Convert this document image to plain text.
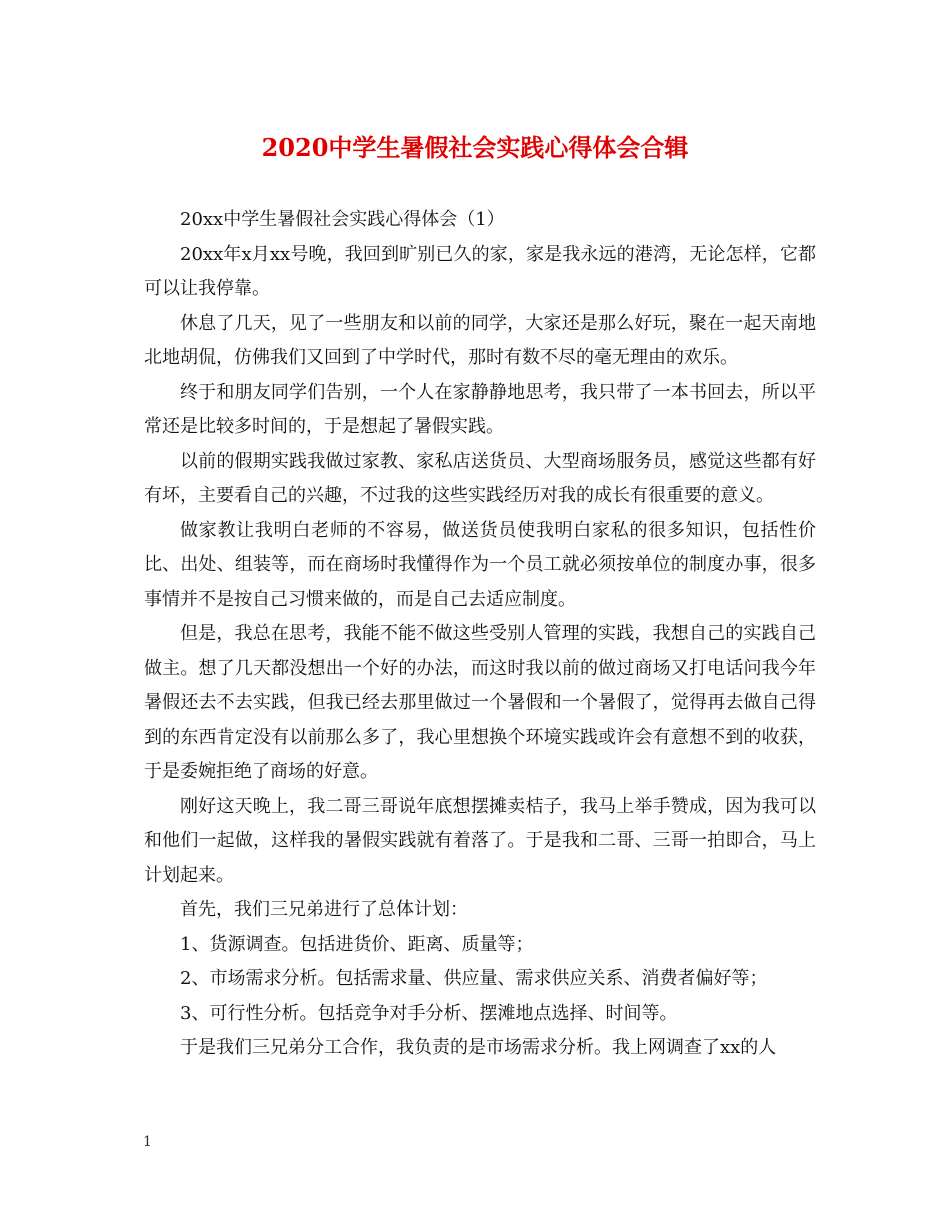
2020中学生暑假社会实践心得体会合辑

20xx中学生暑假社会实践心得体会（1）

20xx年x月xx号晚，我回到旷别已久的家，家是我永远的港湾，无论怎样，它都可以让我停靠。

休息了几天，见了一些朋友和以前的同学，大家还是那么好玩，聚在一起天南地北地胡侃，仿佛我们又回到了中学时代，那时有数不尽的毫无理由的欢乐。

终于和朋友同学们告别，一个人在家静静地思考，我只带了一本书回去，所以平常还是比较多时间的，于是想起了暑假实践。

以前的假期实践我做过家教、家私店送货员、大型商场服务员，感觉这些都有好有坏，主要看自己的兴趣，不过我的这些实践经历对我的成长有很重要的意义。

做家教让我明白老师的不容易，做送货员使我明白家私的很多知识，包括性价比、出处、组装等，而在商场时我懂得作为一个员工就必须按单位的制度办事，很多事情并不是按自己习惯来做的，而是自己去适应制度。

但是，我总在思考，我能不能不做这些受别人管理的实践，我想自己的实践自己做主。想了几天都没想出一个好的办法，而这时我以前的做过商场又打电话问我今年暑假还去不去实践，但我已经去那里做过一个暑假和一个暑假了，觉得再去做自己得到的东西肯定没有以前那么多了，我心里想换个环境实践或许会有意想不到的收获，于是委婉拒绝了商场的好意。

刚好这天晚上，我二哥三哥说年底想摆摊卖桔子，我马上举手赞成，因为我可以和他们一起做，这样我的暑假实践就有着落了。于是我和二哥、三哥一拍即合，马上计划起来。

首先，我们三兄弟进行了总体计划：

1、货源调查。包括进货价、距离、质量等；

2、市场需求分析。包括需求量、供应量、需求供应关系、消费者偏好等；

3、可行性分析。包括竞争对手分析、摆滩地点选择、时间等。

于是我们三兄弟分工合作，我负责的是市场需求分析。我上网调查了xx的人

1
